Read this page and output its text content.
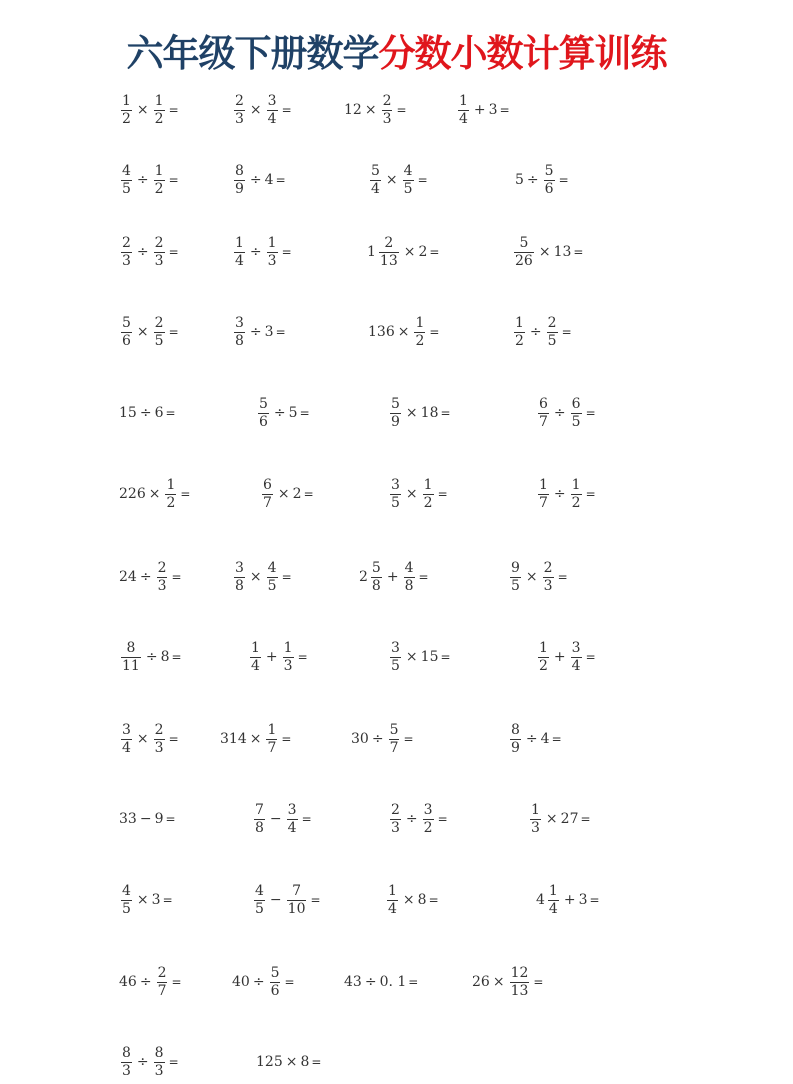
六年级下册数学分数小数计算训练
$\frac{1}{2} \times \frac{1}{2}$ =	$\frac{2}{3} \times \frac{3}{4}$ =	$12 \times \frac{2}{3}$ =	$\frac{1}{4} + 3$ =
$\frac{4}{5} \div \frac{1}{2}$ =	$\frac{8}{9} \div 4$ =	$\frac{5}{4} \times \frac{4}{5}$ =	$5 \div \frac{5}{6}$ =
$\frac{2}{3} \div \frac{2}{3}$ =	$\frac{1}{4} \div \frac{1}{3}$ =	$1 \frac{2}{13} \times 2$ =	$\frac{5}{26} \times 13$ =
$\frac{5}{6} \times \frac{2}{5}$ =	$\frac{3}{8} \div 3$ =	$136 \times \frac{1}{2}$ =	$\frac{1}{2} \div \frac{2}{5}$ =
15 ÷ 6 =	$\frac{5}{6} \div 5$ =	$\frac{5}{9} \times 18$ =	$\frac{6}{7} \div \frac{6}{5}$ =
$226 \times \frac{1}{2}$ =	$\frac{6}{7} \times 2$ =	$\frac{3}{5} \times \frac{1}{2}$ =	$\frac{1}{7} \div \frac{1}{2}$ =
$24 \div \frac{2}{3}$ =	$\frac{3}{8} \times \frac{4}{5}$ =	$2 \frac{5}{8} + \frac{4}{8}$ =	$\frac{9}{5} \times \frac{2}{3}$ =
$\frac{8}{11} \div 8$ =	$\frac{1}{4} + \frac{1}{3}$ =	$\frac{3}{5} \times 15$ =	$\frac{1}{2} + \frac{3}{4}$ =
$\frac{3}{4} \times \frac{2}{3}$ =	$314 \times \frac{1}{7}$ =	$30 \div \frac{5}{7}$ =	$\frac{8}{9} \div 4$ =
33 − 9 =	$\frac{7}{8} - \frac{3}{4}$ =	$\frac{2}{3} \div \frac{3}{2}$ =	$\frac{1}{3} \times 27$ =
$\frac{4}{5} \times 3$ =	$\frac{4}{5} - \frac{7}{10}$ =	$\frac{1}{4} \times 8$ =	$4 \frac{1}{4} + 3$ =
$46 \div \frac{2}{7}$ =	$40 \div \frac{5}{6}$ =	43 ÷ 0. 1 =	$26 \times \frac{12}{13}$ =
$\frac{8}{3} \div \frac{8}{3}$ =	125 × 8 =
